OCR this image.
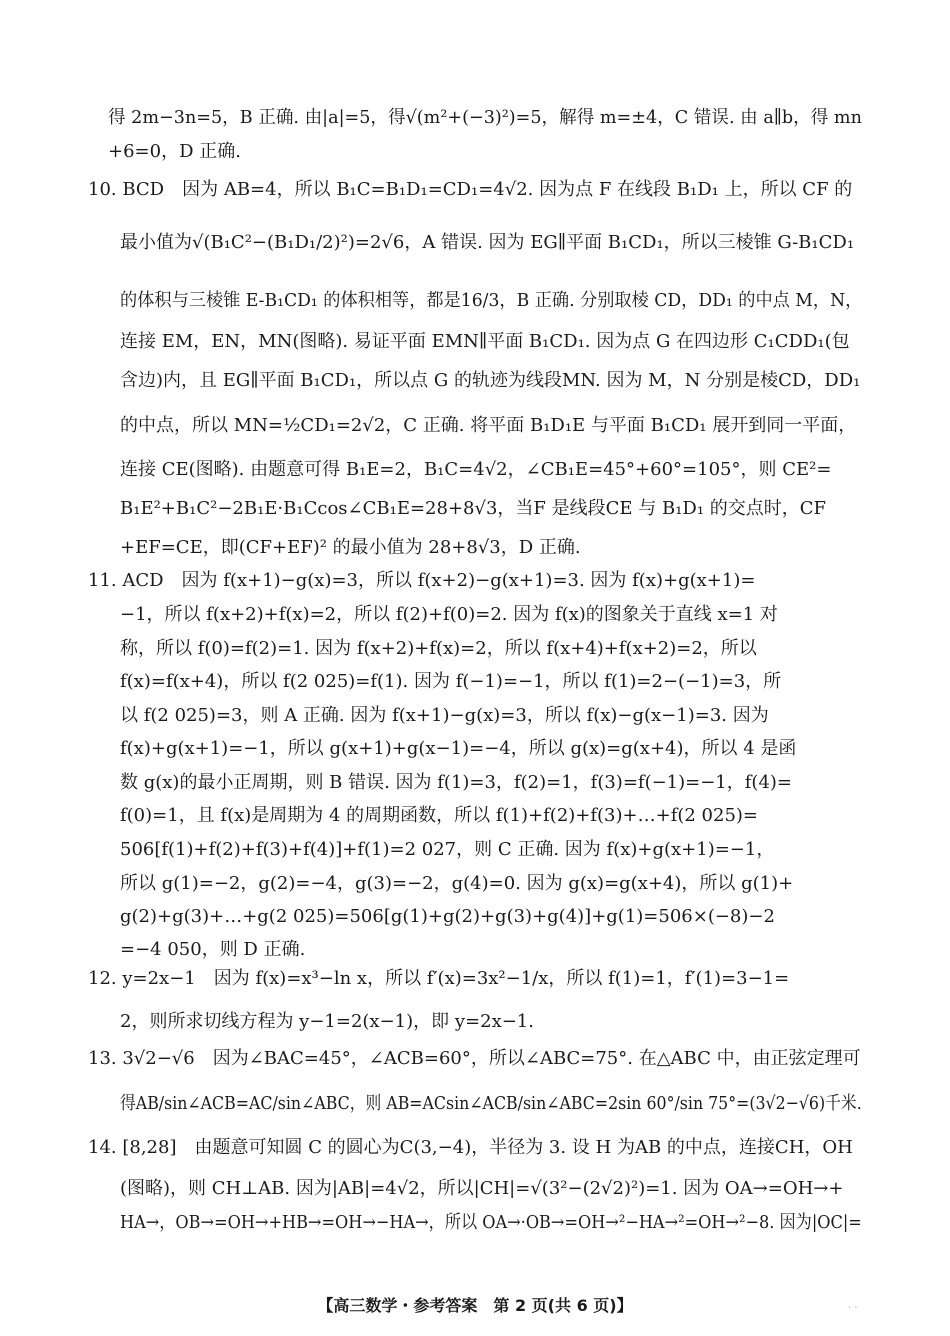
得 2m−3n=5，B 正确. 由|a|=5，得√(m²+(−3)²)=5，解得 m=±4，C 错误. 由 a∥b，得 mn
+6=0，D 正确.
10. BCD　因为 AB=4，所以 B₁C=B₁D₁=CD₁=4√2. 因为点 F 在线段 B₁D₁ 上，所以 CF 的
最小值为√(B₁C²−(B₁D₁/2)²)=2√6，A 错误. 因为 EG∥平面 B₁CD₁，所以三棱锥 G-B₁CD₁
的体积与三棱锥 E-B₁CD₁ 的体积相等，都是16/3，B 正确. 分别取棱 CD，DD₁ 的中点 M，N，
连接 EM，EN，MN(图略). 易证平面 EMN∥平面 B₁CD₁. 因为点 G 在四边形 C₁CDD₁(包
含边)内，且 EG∥平面 B₁CD₁，所以点 G 的轨迹为线段MN. 因为 M，N 分别是棱CD，DD₁
的中点，所以 MN=½CD₁=2√2，C 正确. 将平面 B₁D₁E 与平面 B₁CD₁ 展开到同一平面，
连接 CE(图略). 由题意可得 B₁E=2，B₁C=4√2，∠CB₁E=45°+60°=105°，则 CE²=
B₁E²+B₁C²−2B₁E·B₁Ccos∠CB₁E=28+8√3，当F 是线段CE 与 B₁D₁ 的交点时，CF
+EF=CE，即(CF+EF)² 的最小值为 28+8√3，D 正确.
11. ACD　因为 f(x+1)−g(x)=3，所以 f(x+2)−g(x+1)=3. 因为 f(x)+g(x+1)=
−1，所以 f(x+2)+f(x)=2，所以 f(2)+f(0)=2. 因为 f(x)的图象关于直线 x=1 对
称，所以 f(0)=f(2)=1. 因为 f(x+2)+f(x)=2，所以 f(x+4)+f(x+2)=2，所以
f(x)=f(x+4)，所以 f(2 025)=f(1). 因为 f(−1)=−1，所以 f(1)=2−(−1)=3，所
以 f(2 025)=3，则 A 正确. 因为 f(x+1)−g(x)=3，所以 f(x)−g(x−1)=3. 因为
f(x)+g(x+1)=−1，所以 g(x+1)+g(x−1)=−4，所以 g(x)=g(x+4)，所以 4 是函
数 g(x)的最小正周期，则 B 错误. 因为 f(1)=3，f(2)=1，f(3)=f(−1)=−1，f(4)=
f(0)=1，且 f(x)是周期为 4 的周期函数，所以 f(1)+f(2)+f(3)+…+f(2 025)=
506[f(1)+f(2)+f(3)+f(4)]+f(1)=2 027，则 C 正确. 因为 f(x)+g(x+1)=−1，
所以 g(1)=−2，g(2)=−4，g(3)=−2，g(4)=0. 因为 g(x)=g(x+4)，所以 g(1)+
g(2)+g(3)+…+g(2 025)=506[g(1)+g(2)+g(3)+g(4)]+g(1)=506×(−8)−2
=−4 050，则 D 正确.
12. y=2x−1　因为 f(x)=x³−ln x，所以 f′(x)=3x²−1/x，所以 f(1)=1，f′(1)=3−1=
2，则所求切线方程为 y−1=2(x−1)，即 y=2x−1.
13. 3√2−√6　因为∠BAC=45°，∠ACB=60°，所以∠ABC=75°. 在△ABC 中，由正弦定理可
得AB/sin∠ACB=AC/sin∠ABC，则 AB=ACsin∠ACB/sin∠ABC=2sin 60°/sin 75°=(3√2−√6)千米.
14. [8,28]　由题意可知圆 C 的圆心为C(3,−4)，半径为 3. 设 H 为AB 的中点，连接CH，OH
(图略)，则 CH⊥AB. 因为|AB|=4√2，所以|CH|=√(3²−(2√2)²)=1. 因为 OA→=OH→+
HA→，OB→=OH→+HB→=OH→−HA→，所以 OA→·OB→=OH→²−HA→²=OH→²−8. 因为|OC|=
【高三数学・参考答案　第 2 页(共 6 页)】	. .
